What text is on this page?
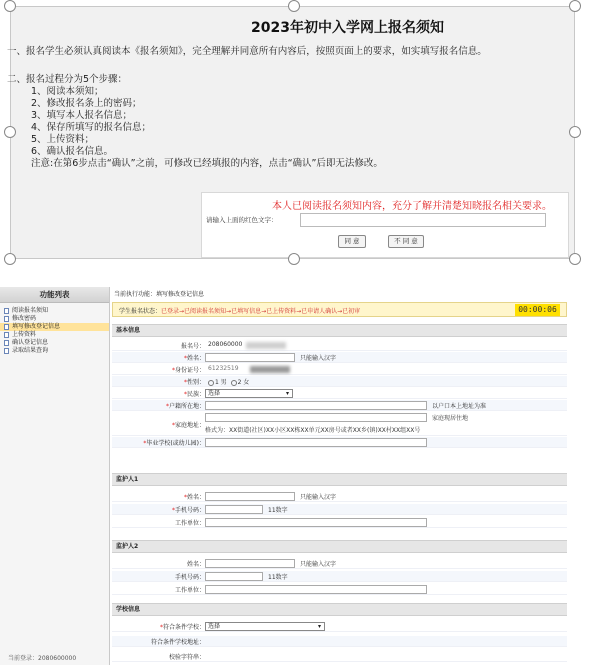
2023年初中入学网上报名须知
一、报名学生必须认真阅读本《报名须知》，完全理解并同意所有内容后，按照页面上的要求，如实填写报名信息。
二、报名过程分为5个步骤：
1、阅读本须知；
2、修改报名条上的密码；
3、填写本人报名信息；
4、保存所填写的报名信息；
5、上传资料；
6、确认报名信息。
注意:在第6步点击“确认”之前，可修改已经填报的内容，点击“确认”后即无法修改。
本人已阅读报名须知内容，充分了解并清楚知晓报名相关要求。
请输入上面的红色文字：
同 意	不 同 意
功能列表
阅读报名须知
修改密码
填写修改登记信息
上传资料
确认登记信息
录取结果查询
当前登录：2080600000
当前执行功能：填写修改登记信息
学生报名状态：已登录→已阅读报名须知→已填写信息→已上传资料→已申请人确认→已初审	00:00:06
基本信息
报名号： 208060000
*姓名：	只能输入汉字
*身份证号： 61232519
*性别：	1 男 2 女
*民族： 选择	▾
*户籍所在地：	以户口本上地址为准
*家庭地址：
家庭现居住地
格式为：XX街道(社区)XX小区XX栋XX单元XX房号或者XX乡(镇)XX村XX组XX号
*毕业学校(或幼儿园)：
监护人1
*姓名：	只能输入汉字
*手机号码：	11数字
工作单位：
监护人2
姓名：	只能输入汉字
手机号码：	11数字
工作单位：
学校信息
*符合条件学校： 选择	▾
符合条件学校地址：
校验字符串：
